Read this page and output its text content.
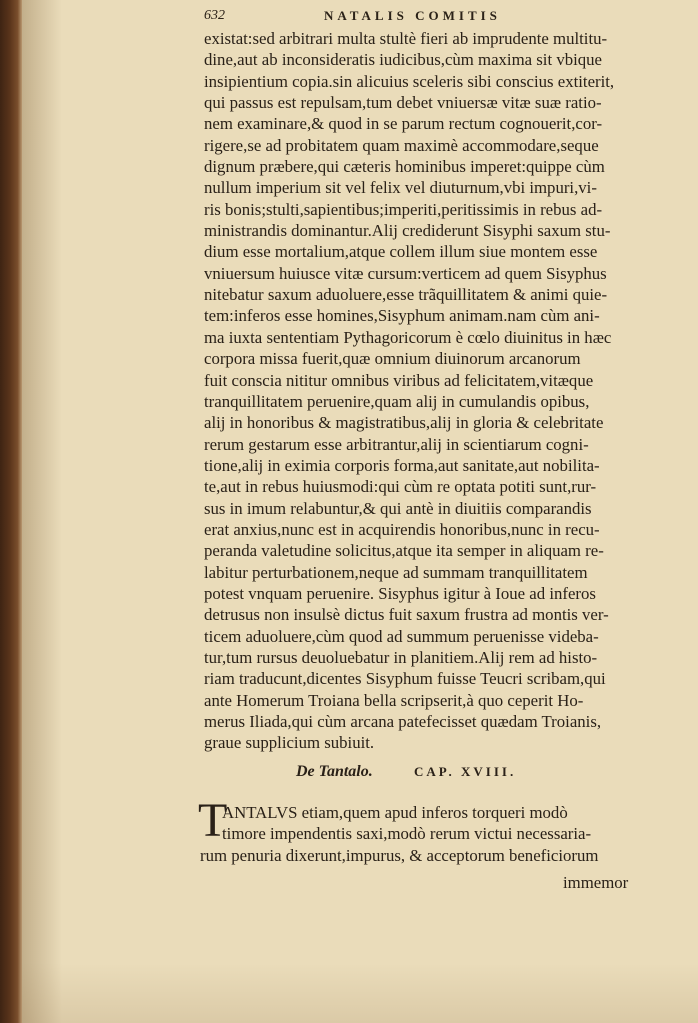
632	NATALIS COMITIS
existat:sed arbitrari multa stultè fieri ab imprudente multitu-
dine,aut ab inconsideratis iudicibus,cùm maxima sit vbique
insipientium copia.sin alicuius sceleris sibi conscius extiterit,
qui passus est repulsam,tum debet vniuersæ vitæ suæ ratio-
nem examinare,& quod in se parum rectum cognouerit,cor-
rigere,se ad probitatem quam maximè accommodare,seque
dignum præbere,qui cæteris hominibus imperet:quippe cùm
nullum imperium sit vel felix vel diuturnum,vbi impuri,vi-
ris bonis;stulti,sapientibus;imperiti,peritissimis in rebus ad-
ministrandis dominantur.Alij crediderunt Sisyphi saxum stu-
dium esse mortalium,atque collem illum siue montem esse
vniuersum huiusce vitæ cursum:verticem ad quem Sisyphus
nitebatur saxum aduoluere,esse trãquillitatem & animi quie-
tem:inferos esse homines,Sisyphum animam.nam cùm ani-
ma iuxta sententiam Pythagoricorum è cœlo diuinitus in hæc
corpora missa fuerit,quæ omnium diuinorum arcanorum
fuit conscia nititur omnibus viribus ad felicitatem,vitæque
tranquillitatem peruenire,quam alij in cumulandis opibus,
alij in honoribus & magistratibus,alij in gloria & celebritate
rerum gestarum esse arbitrantur,alij in scientiarum cogni-
tione,alij in eximia corporis forma,aut sanitate,aut nobilita-
te,aut in rebus huiusmodi:qui cùm re optata potiti sunt,rur-
sus in imum relabuntur,& qui antè in diuitiis comparandis
erat anxius,nunc est in acquirendis honoribus,nunc in recu-
peranda valetudine solicitus,atque ita semper in aliquam re-
labitur perturbationem,neque ad summam tranquillitatem
potest vnquam peruenire. Sisyphus igitur à Ioue ad inferos
detrusus non insulsè dictus fuit saxum frustra ad montis ver-
ticem aduoluere,cùm quod ad summum peruenisse videba-
tur,tum rursus deuoluebatur in planitiem.Alij rem ad histo-
riam traducunt,dicentes Sisyphum fuisse Teucri scribam,qui
ante Homerum Troiana bella scripserit,à quo ceperit Ho-
merus Iliada,qui cùm arcana patefecisset quædam Troianis,
graue supplicium subiuit.
De Tantalo.	CAP. XVIII.
T
ANTALVS etiam,quem apud inferos torqueri modò
timore impendentis saxi,modò rerum victui necessaria-
rum penuria dixerunt,impurus, & acceptorum beneficiorum
immemor
